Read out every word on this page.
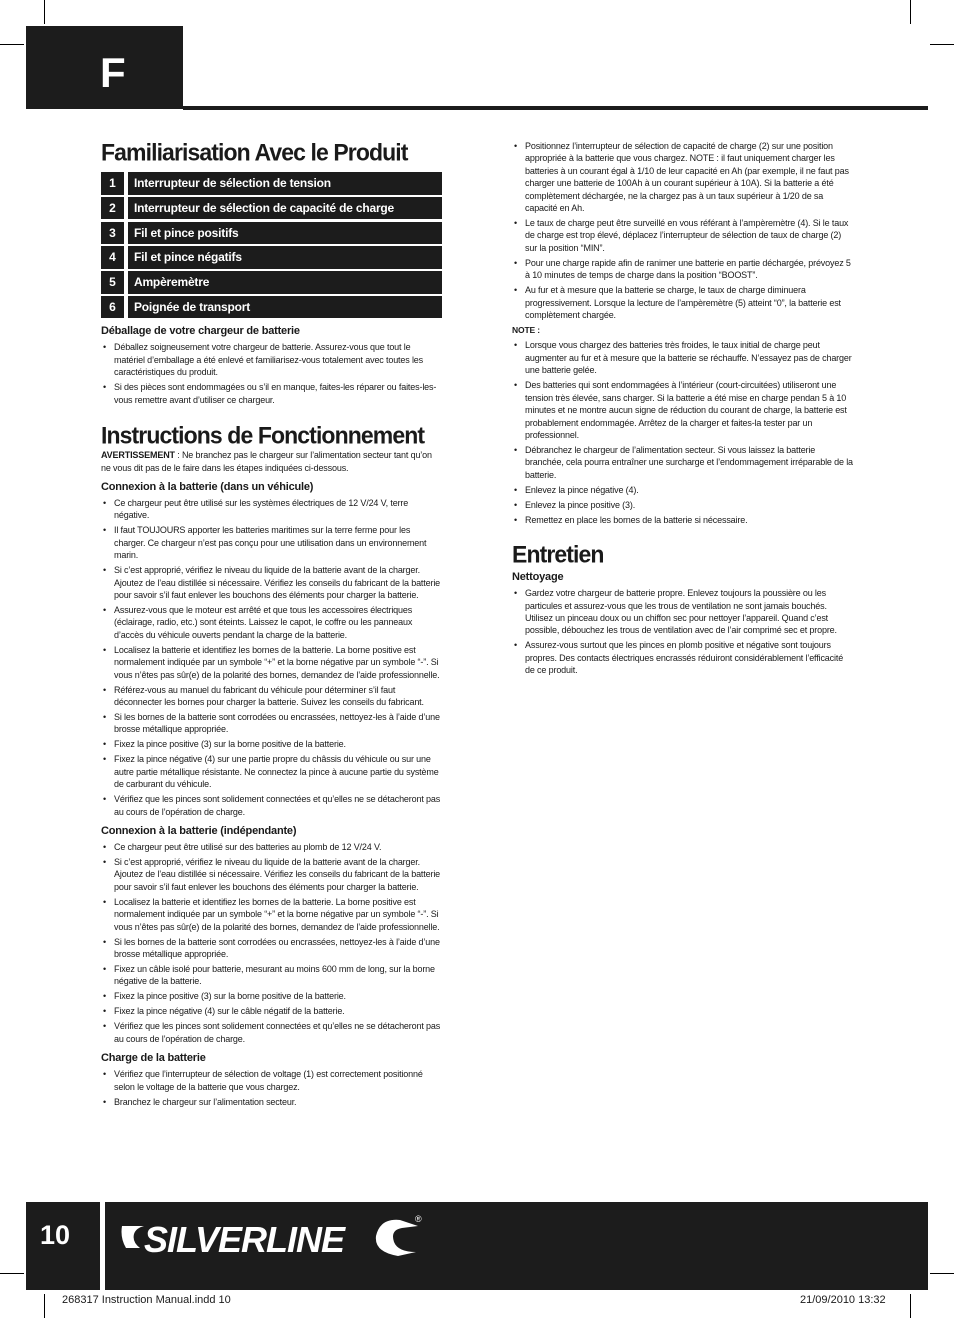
F
Familiarisation Avec le Produit
1	Interrupteur de sélection de tension
2	Interrupteur de sélection de capacité de charge
3	Fil et pince positifs
4	Fil et pince négatifs
5	Ampèremètre
6	Poignée de transport
Déballage de votre chargeur de batterie
• Déballez soigneusement votre chargeur de batterie. Assurez-vous que tout le matériel d’emballage a été enlevé et familiarisez-vous totalement avec toutes les caractéristiques du produit.
• Si des pièces sont endommagées ou s’il en manque, faites-les réparer ou faites-les-vous remettre avant d’utiliser ce chargeur.
Instructions de Fonctionnement

AVERTISSEMENT : Ne branchez pas le chargeur sur l’alimentation secteur tant qu’on ne vous dit pas de le faire dans les étapes indiquées ci-dessous.

Connexion à la batterie (dans un véhicule)
• Ce chargeur peut être utilisé sur les systèmes électriques de 12 V/24 V, terre négative.
• Il faut TOUJOURS apporter les batteries maritimes sur la terre ferme pour les charger. Ce chargeur n’est pas conçu pour une utilisation dans un environnement marin.
• Si c’est approprié, vérifiez le niveau du liquide de la batterie avant de la charger. Ajoutez de l’eau distillée si nécessaire. Vérifiez les conseils du fabricant de la batterie pour savoir s’il faut enlever les bouchons des éléments pour charger la batterie.
• Assurez-vous que le moteur est arrêté et que tous les accessoires électriques (éclairage, radio, etc.) sont éteints. Laissez le capot, le coffre ou les panneaux d’accès du véhicule ouverts pendant la charge de la batterie.
• Localisez la batterie et identifiez les bornes de la batterie. La borne positive est normalement indiquée par un symbole “+” et la borne négative par un symbole “-”. Si vous n’êtes pas sûr(e) de la polarité des bornes, demandez de l’aide professionnelle.
• Référez-vous au manuel du fabricant du véhicule pour déterminer s’il faut déconnecter les bornes pour charger la batterie. Suivez les conseils du fabricant.
• Si les bornes de la batterie sont corrodées ou encrassées, nettoyez-les à l’aide d’une brosse métallique appropriée.
• Fixez la pince positive (3) sur la borne positive de la batterie.
• Fixez la pince négative (4) sur une partie propre du châssis du véhicule ou sur une autre partie métallique résistante. Ne connectez la pince à aucune partie du système de carburant du véhicule.
• Vérifiez que les pinces sont solidement connectées et qu’elles ne se détacheront pas au cours de l’opération de charge.
Connexion à la batterie (indépendante)
• Ce chargeur peut être utilisé sur des batteries au plomb de 12 V/24 V.
• Si c’est approprié, vérifiez le niveau du liquide de la batterie avant de la charger. Ajoutez de l’eau distillée si nécessaire. Vérifiez les conseils du fabricant de la batterie pour savoir s’il faut enlever les bouchons des éléments pour charger la batterie.
• Localisez la batterie et identifiez les bornes de la batterie. La borne positive est normalement indiquée par un symbole “+” et la borne négative par un symbole “-”. Si vous n’êtes pas sûr(e) de la polarité des bornes, demandez de l’aide professionnelle.
• Si les bornes de la batterie sont corrodées ou encrassées, nettoyez-les à l’aide d’une brosse métallique appropriée.
• Fixez un câble isolé pour batterie, mesurant au moins 600 mm de long, sur la borne négative de la batterie.
• Fixez la pince positive (3) sur la borne positive de la batterie.
• Fixez la pince négative (4) sur le câble négatif de la batterie.
• Vérifiez que les pinces sont solidement connectées et qu’elles ne se détacheront pas au cours de l’opération de charge.
Charge de la batterie
• Vérifiez que l’interrupteur de sélection de voltage (1) est correctement positionné selon le voltage de la batterie que vous chargez.
• Branchez le chargeur sur l’alimentation secteur.
• Positionnez l’interrupteur de sélection de capacité de charge (2) sur une position appropriée à la batterie que vous chargez. NOTE : il faut uniquement charger les batteries à un courant égal à 1/10 de leur capacité en Ah (par exemple, il ne faut pas charger une batterie de 100Ah à un courant supérieur à 10A). Si la batterie a été complètement déchargée, ne la chargez pas à un taux supérieur à 1/20 de sa capacité en Ah.
• Le taux de charge peut être surveillé en vous référant à l’ampèremètre (4). Si le taux de charge est trop élevé, déplacez l’interrupteur de sélection de taux de charge (2) sur la position “MIN”.
• Pour une charge rapide afin de ranimer une batterie en partie déchargée, prévoyez 5 à 10 minutes de temps de charge dans la position “BOOST”.
• Au fur et à mesure que la batterie se charge, le taux de charge diminuera progressivement. Lorsque la lecture de l’ampèremètre (5) atteint “0”, la batterie est complètement chargée.

NOTE :

• Lorsque vous chargez des batteries très froides, le taux initial de charge peut augmenter au fur et à mesure que la batterie se réchauffe. N’essayez pas de charger une batterie gelée.
• Des batteries qui sont endommagées à l’intérieur (court-circuitées) utiliseront une tension très élevée, sans charger. Si la batterie a été mise en charge pendan 5 à 10 minutes et ne montre aucun signe de réduction du courant de charge, la batterie est probablement endommagée. Arrêtez de la charger et faites-la tester par un professionnel.
• Débranchez le chargeur de l’alimentation secteur. Si vous laissez la batterie branchée, cela pourra entraîner une surcharge et l’endommagement irréparable de la batterie.
• Enlevez la pince négative (4).
• Enlevez la pince positive (3).
• Remettez en place les bornes de la batterie si nécessaire.
Entretien
Nettoyage
• Gardez votre chargeur de batterie propre. Enlevez toujours la poussière ou les particules et assurez-vous que les trous de ventilation ne sont jamais bouchés. Utilisez un pinceau doux ou un chiffon sec pour nettoyer l’appareil. Quand c’est possible, débouchez les trous de ventilation avec de l’air comprimé sec et propre.
• Assurez-vous surtout que les pinces en plomb positive et négative sont toujours propres. Des contacts électriques encrassés réduiront considérablement l’efficacité de ce produit.
10 SILVERLINE	®
268317 Instruction Manual.indd 10	21/09/2010 13:32
